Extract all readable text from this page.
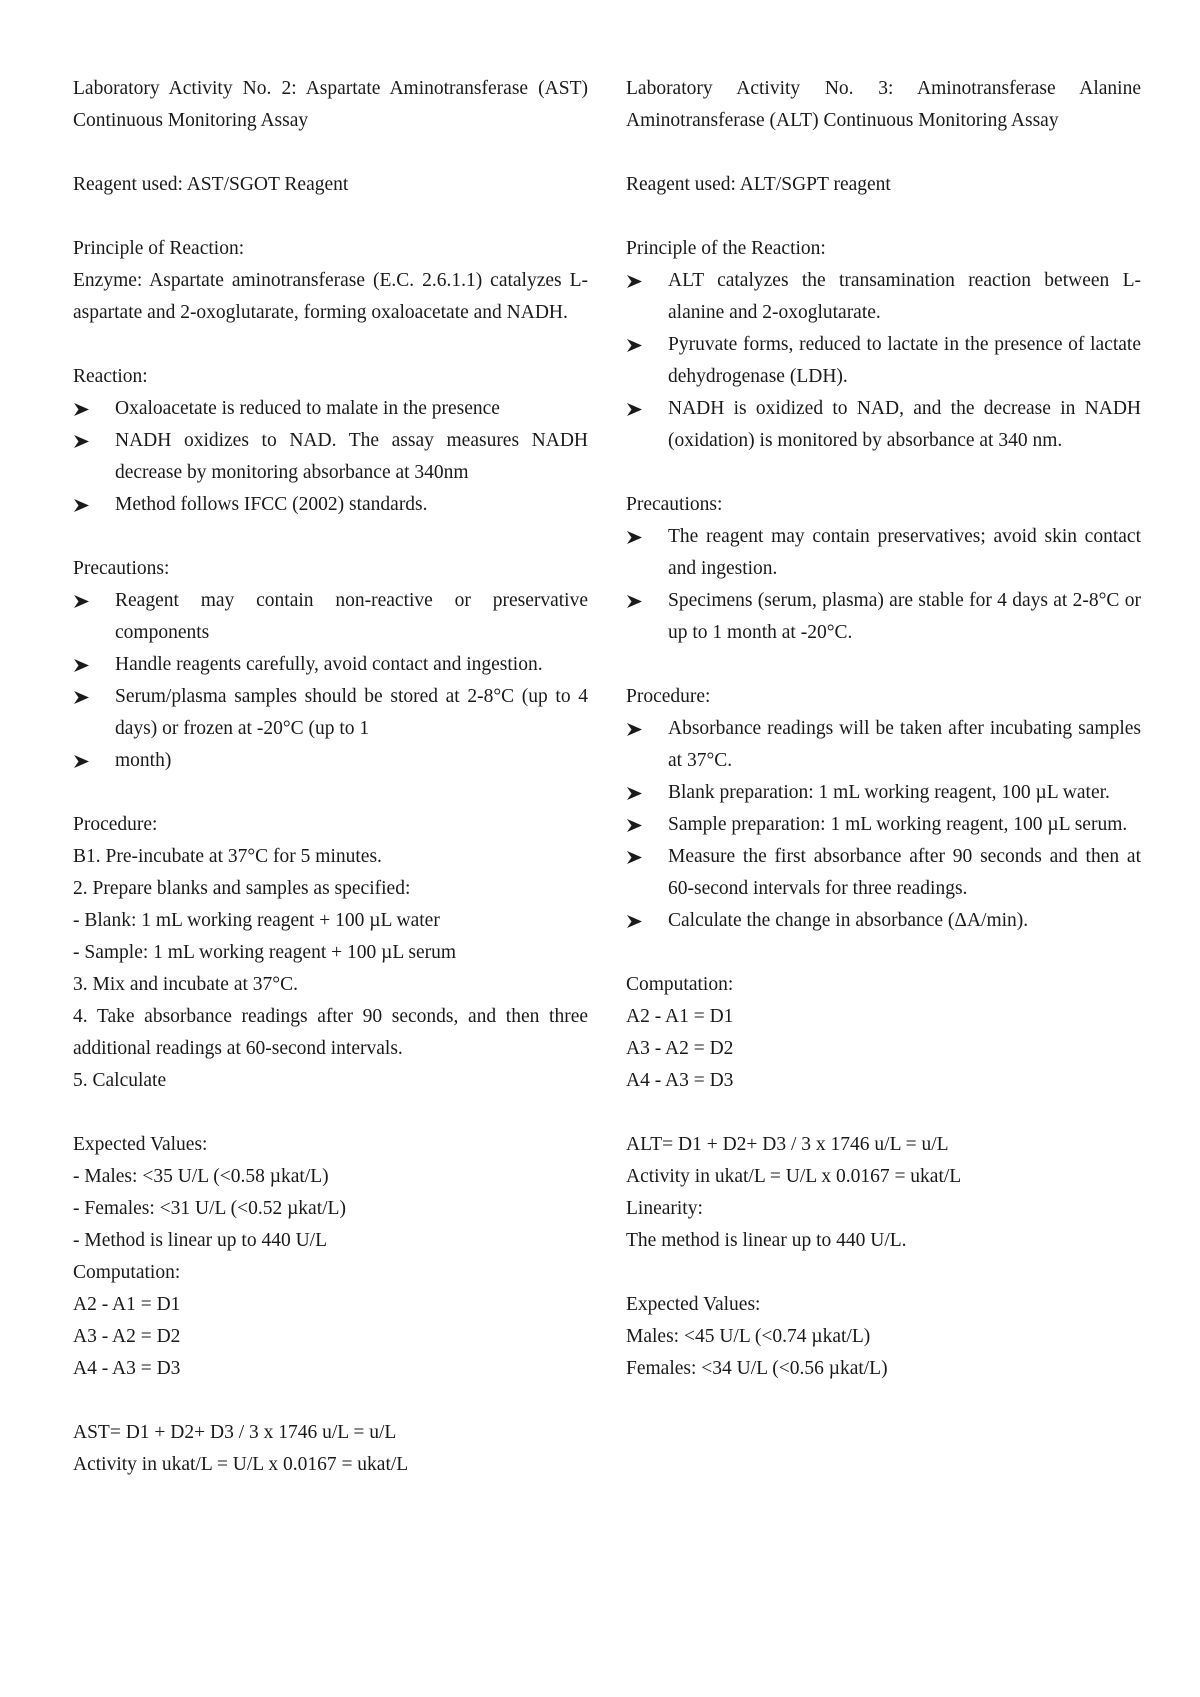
Laboratory Activity No. 2: Aspartate Aminotransferase (AST) Continuous Monitoring Assay
Reagent used: AST/SGOT Reagent
Principle of Reaction:
Enzyme: Aspartate aminotransferase (E.C. 2.6.1.1) catalyzes L-aspartate and 2-oxoglutarate, forming oxaloacetate and NADH.
Reaction:
Oxaloacetate is reduced to malate in the presence
NADH oxidizes to NAD. The assay measures NADH decrease by monitoring absorbance at 340nm
Method follows IFCC (2002) standards.
Precautions:
Reagent may contain non-reactive or preservative components
Handle reagents carefully, avoid contact and ingestion.
Serum/plasma samples should be stored at 2-8°C (up to 4 days) or frozen at -20°C (up to 1
month)
Procedure:
B1. Pre-incubate at 37°C for 5 minutes.
2. Prepare blanks and samples as specified:
- Blank: 1 mL working reagent + 100 µL water
- Sample: 1 mL working reagent + 100 µL serum
3. Mix and incubate at 37°C.
4. Take absorbance readings after 90 seconds, and then three additional readings at 60-second intervals.
5. Calculate
Expected Values:
- Males: <35 U/L (<0.58 µkat/L)
- Females: <31 U/L (<0.52 µkat/L)
- Method is linear up to 440 U/L
Computation:
A2 - A1 = D1
A3 - A2 = D2
A4 - A3 = D3
AST= D1 + D2+ D3 / 3 x 1746 u/L = u/L
Activity in ukat/L = U/L x 0.0167 = ukat/L
Laboratory Activity No. 3: Aminotransferase Alanine Aminotransferase (ALT) Continuous Monitoring Assay
Reagent used: ALT/SGPT reagent
Principle of the Reaction:
ALT catalyzes the transamination reaction between L-alanine and 2-oxoglutarate.
Pyruvate forms, reduced to lactate in the presence of lactate dehydrogenase (LDH).
NADH is oxidized to NAD, and the decrease in NADH (oxidation) is monitored by absorbance at 340 nm.
Precautions:
The reagent may contain preservatives; avoid skin contact and ingestion.
Specimens (serum, plasma) are stable for 4 days at 2-8°C or up to 1 month at -20°C.
Procedure:
Absorbance readings will be taken after incubating samples at 37°C.
Blank preparation: 1 mL working reagent, 100 µL water.
Sample preparation: 1 mL working reagent, 100 µL serum.
Measure the first absorbance after 90 seconds and then at 60-second intervals for three readings.
Calculate the change in absorbance (ΔA/min).
Computation:
A2 - A1 = D1
A3 - A2 = D2
A4 - A3 = D3
ALT= D1 + D2+ D3 / 3 x 1746 u/L = u/L
Activity in ukat/L = U/L x 0.0167 = ukat/L
Linearity:
The method is linear up to 440 U/L.
Expected Values:
Males: <45 U/L (<0.74 µkat/L)
Females: <34 U/L (<0.56 µkat/L)
